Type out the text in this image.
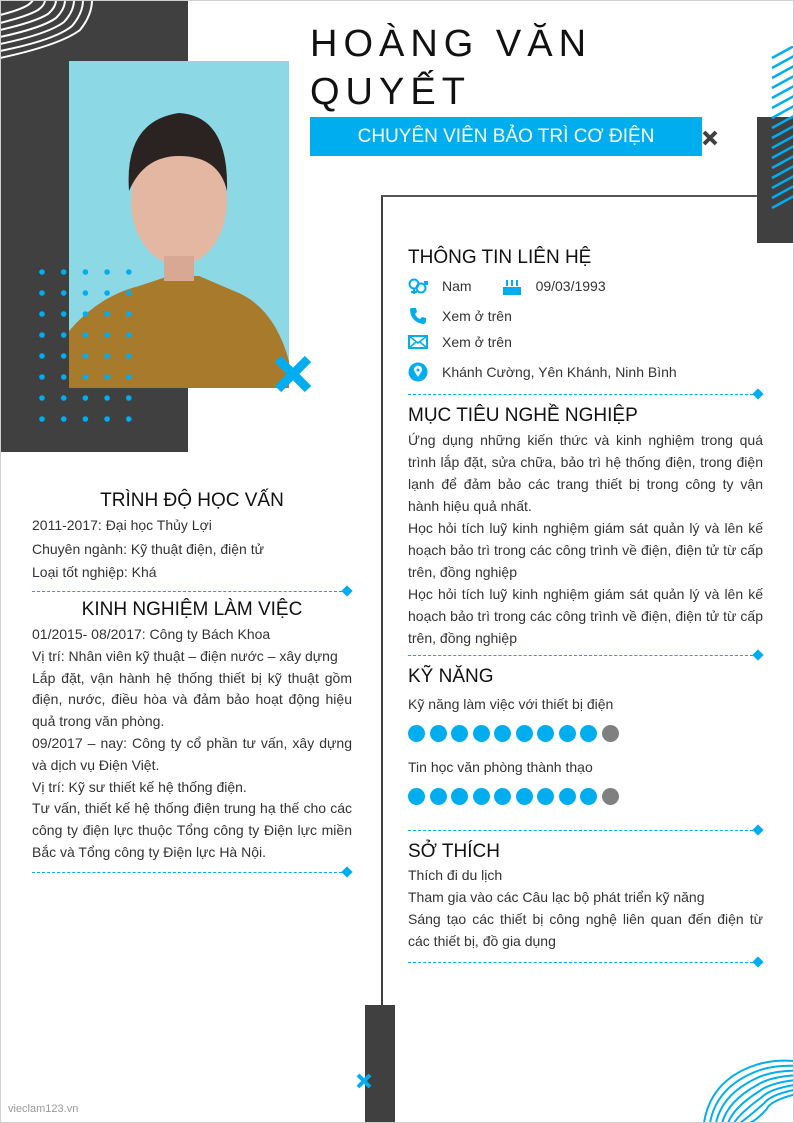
HOÀNG VĂN
QUYẾT
CHUYÊN VIÊN BẢO TRÌ CƠ ĐIỆN
vieclam123.vn
THÔNG TIN LIÊN HỆ
Nam	09/03/1993
Xem ở trên
Xem ở trên
Khánh Cường, Yên Khánh, Ninh Bình
MỤC TIÊU NGHỀ NGHIỆP
Ứng dụng những kiến thức và kinh nghiệm trong quá trình lắp đặt, sửa chữa, bảo trì hệ thống điện, trong điện lạnh để đảm bảo các trang thiết bị trong công ty vận hành hiệu quả nhất.
Học hỏi tích luỹ kinh nghiệm giám sát quản lý và lên kế hoạch bảo trì trong các công trình về điện, điện tử từ cấp trên, đồng nghiệp
Học hỏi tích luỹ kinh nghiệm giám sát quản lý và lên kế hoạch bảo trì trong các công trình về điện, điện tử từ cấp trên, đồng nghiệp
KỸ NĂNG
Kỹ năng làm việc với thiết bị điện
Tin học văn phòng thành thạo
SỞ THÍCH
Thích đi du lịch
Tham gia vào các Câu lạc bộ phát triển kỹ năng
Sáng tạo các thiết bị công nghệ liên quan đến điện từ các thiết bị, đồ gia dụng
TRÌNH ĐỘ HỌC VẤN
2011-2017: Đại học Thủy Lợi
Chuyên ngành: Kỹ thuật điện, điện tử
Loại tốt nghiệp: Khá
KINH NGHIỆM LÀM VIỆC
01/2015- 08/2017: Công ty Bách Khoa
Vị trí: Nhân viên kỹ thuật – điện nước – xây dựng
Lắp đặt, vận hành hệ thống thiết bị kỹ thuật gồm điện, nước, điều hòa và đảm bảo hoạt động hiệu quả trong văn phòng.
09/2017 – nay: Công ty cổ phần tư vấn, xây dựng và dịch vụ Điện Việt.
Vị trí: Kỹ sư thiết kế hệ thống điện.
Tư vấn, thiết kế hệ thống điện trung hạ thế cho các công ty điện lực thuộc Tổng công ty Điện lực miền Bắc và Tổng công ty Điện lực Hà Nội.
